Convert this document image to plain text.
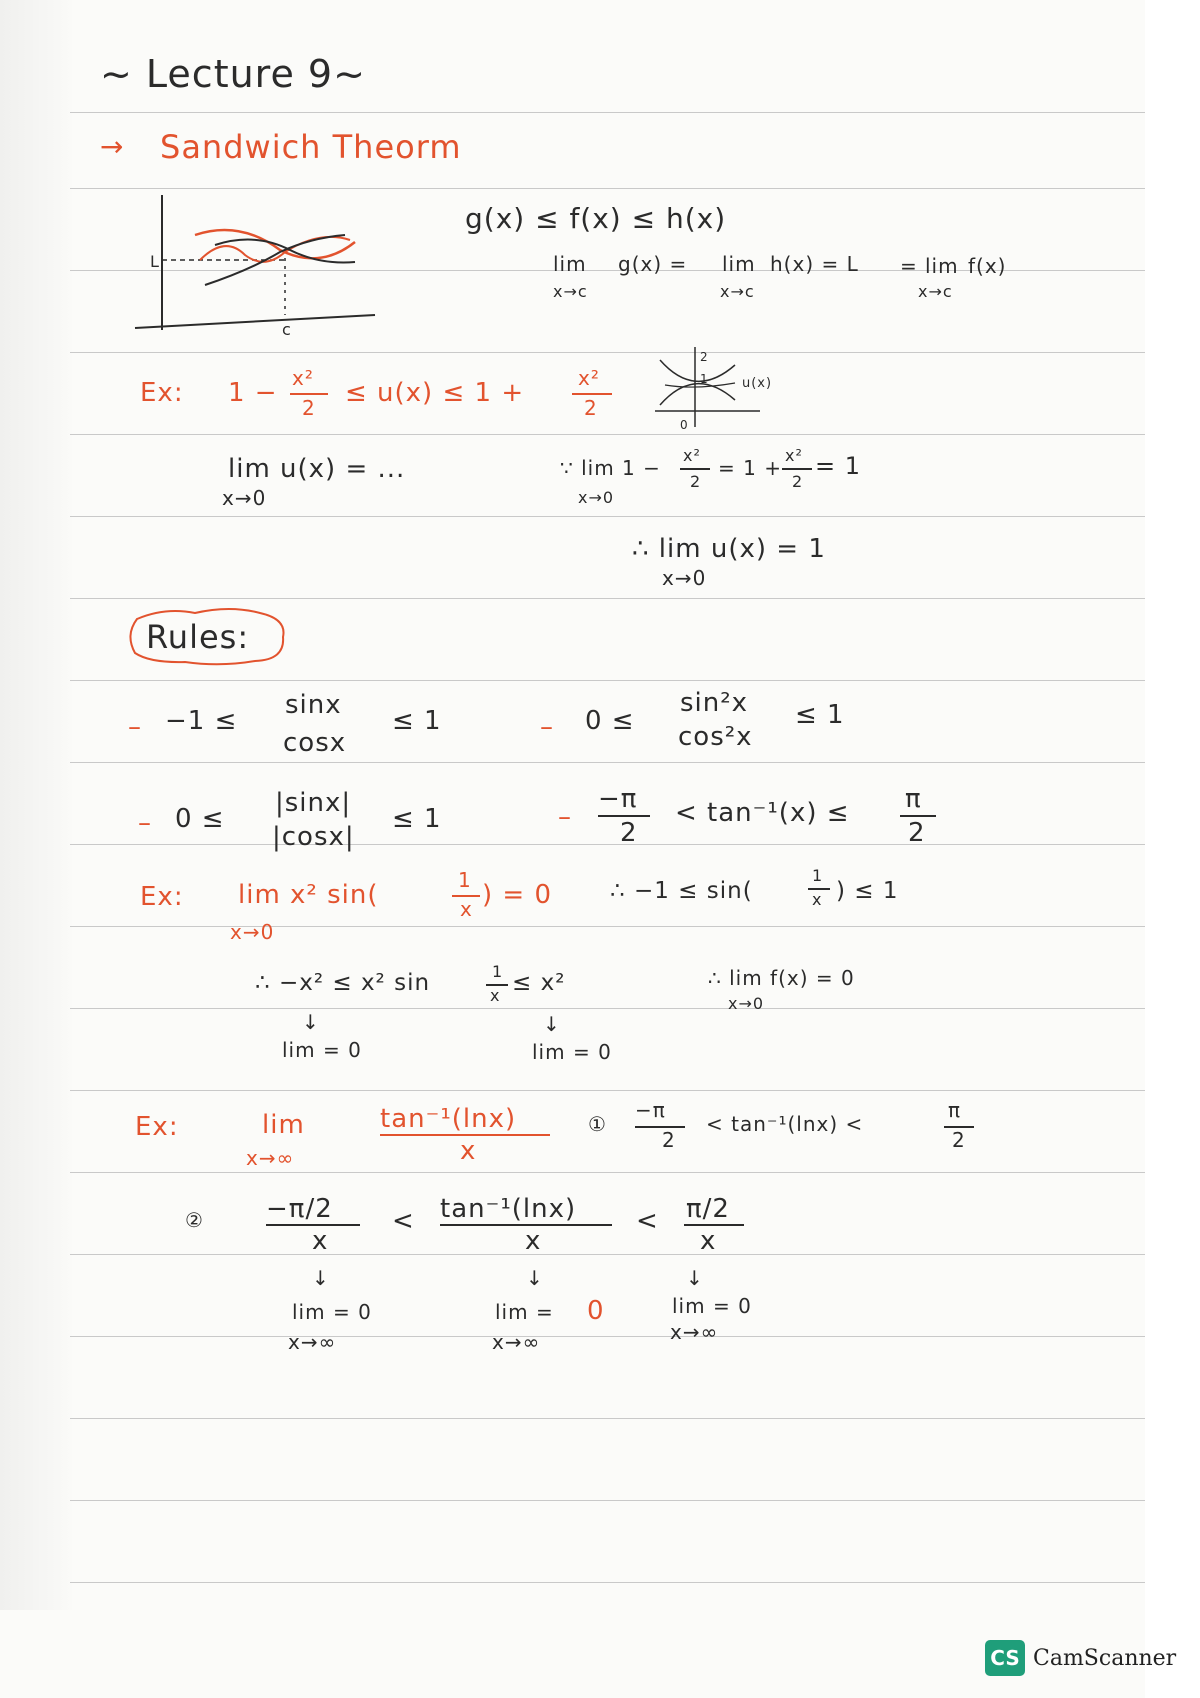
~ Lecture 9~
→ Sandwich Theorm
L
c
g(x) ≤ f(x) ≤ h(x)
lim g(x) =
x→c
lim h(x) = L
x→c
= lim f(x)
x→c
Ex: 1 − x²
2 ≤ u(x) ≤ 1 +	x²
2
2
1
0
u(x)
lim u(x) = ...
x→0
∵ lim 1 −
x²
2
= 1 +
x²
2
= 1
x→0
∴ lim u(x) = 1
x→0
Rules:
– −1 ≤
sinx
cosx
≤ 1	– 0 ≤
sin²x
cos²x
≤ 1
– 0 ≤
|sinx|
|cosx|
≤ 1	–
−π
2
< tan⁻¹(x) ≤ π
2
Ex: lim x² sin(	1
x ) = 0
x→0
∴ −1 ≤ sin(
1
x ) ≤ 1
∴ −x² ≤ x² sin	1
x ≤ x²
↓	↓
lim = 0	lim = 0
∴ lim f(x) = 0
x→0
Ex:	lim
x→∞
tan⁻¹(lnx)
x
①
−π
2
< tan⁻¹(lnx) <
π
2
② −π/2
x
< tan⁻¹(lnx)
x
< π/2
x
↓	↓	↓
lim = 0
x→∞
lim = 0
x→∞
lim = 0
x→∞
CS CamScanner
